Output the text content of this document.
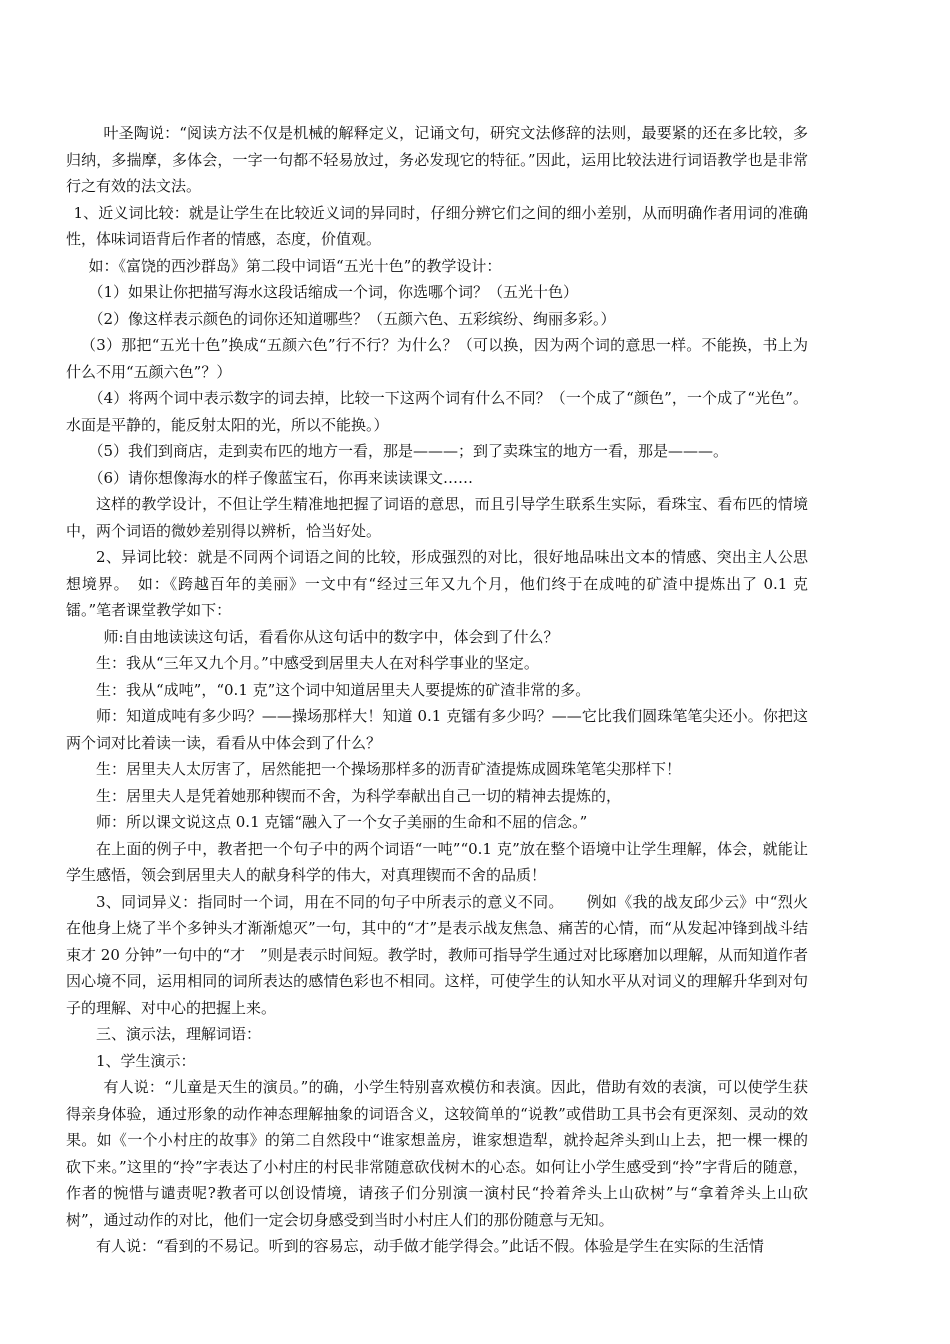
叶圣陶说：“阅读方法不仅是机械的解释定义，记诵文句，研究文法修辞的法则，最要紧的还在多比较，多归纳，多揣摩，多体会，一字一句都不轻易放过，务必发现它的特征。”因此，运用比较法进行词语教学也是非常行之有效的法文法。

1、近义词比较：就是让学生在比较近义词的异同时，仔细分辨它们之间的细小差别，从而明确作者用词的准确性，体味词语背后作者的情感，态度，价值观。

如：《富饶的西沙群岛》第二段中词语“五光十色”的教学设计：

（1）如果让你把描写海水这段话缩成一个词，你选哪个词？（五光十色）

（2）像这样表示颜色的词你还知道哪些？（五颜六色、五彩缤纷、绚丽多彩。）

（3）那把“五光十色”换成“五颜六色”行不行？为什么？（可以换，因为两个词的意思一样。不能换，书上为什么不用“五颜六色”？）

（4）将两个词中表示数字的词去掉，比较一下这两个词有什么不同？（一个成了“颜色”，一个成了“光色”。水面是平静的，能反射太阳的光，所以不能换。）

（5）我们到商店，走到卖布匹的地方一看，那是———；到了卖珠宝的地方一看，那是———。

（6）请你想像海水的样子像蓝宝石，你再来读读课文……

这样的教学设计，不但让学生精准地把握了词语的意思，而且引导学生联系生实际，看珠宝、看布匹的情境中，两个词语的微妙差别得以辨析，恰当好处。

2、异词比较：就是不同两个词语之间的比较，形成强烈的对比，很好地品味出文本的情感、突出主人公思想境界。　如：《跨越百年的美丽》一文中有“经过三年又九个月，他们终于在成吨的矿渣中提炼出了 0.1 克镭。”笔者课堂教学如下：

师:自由地读读这句话，看看你从这句话中的数字中，体会到了什么？

生：我从“三年又九个月。”中感受到居里夫人在对科学事业的坚定。

生：我从“成吨”，“0.1 克”这个词中知道居里夫人要提炼的矿渣非常的多。

师：知道成吨有多少吗？——操场那样大！知道 0.1 克镭有多少吗？——它比我们圆珠笔笔尖还小。你把这两个词对比着读一读，看看从中体会到了什么？

生：居里夫人太厉害了，居然能把一个操场那样多的沥青矿渣提炼成圆珠笔笔尖那样下！

生：居里夫人是凭着她那种锲而不舍，为科学奉献出自己一切的精神去提炼的，

师：所以课文说这点 0.1 克镭“融入了一个女子美丽的生命和不屈的信念。”

在上面的例子中，教者把一个句子中的两个词语“一吨”“0.1 克”放在整个语境中让学生理解，体会，就能让学生感悟，领会到居里夫人的献身科学的伟大，对真理锲而不舍的品质！

3、同词异义：指同时一个词，用在不同的句子中所表示的意义不同。　　例如《我的战友邱少云》中“烈火在他身上烧了半个多钟头才渐渐熄灭”一句，其中的“才”是表示战友焦急、痛苦的心情，而“从发起冲锋到战斗结束才 20 分钟”一句中的“才　”则是表示时间短。教学时，教师可指导学生通过对比琢磨加以理解，从而知道作者因心境不同，运用相同的词所表达的感情色彩也不相同。这样，可使学生的认知水平从对词义的理解升华到对句子的理解、对中心的把握上来。

三、演示法，理解词语：

1、学生演示：

有人说：“儿童是天生的演员。”的确，小学生特别喜欢模仿和表演。因此，借助有效的表演，可以使学生获得亲身体验，通过形象的动作神态理解抽象的词语含义，这较简单的“说教”或借助工具书会有更深刻、灵动的效果。如《一个小村庄的故事》的第二自然段中“谁家想盖房，谁家想造犁，就拎起斧头到山上去，把一棵一棵的砍下来。”这里的“拎”字表达了小村庄的村民非常随意砍伐树木的心态。如何让小学生感受到“拎”字背后的随意，作者的惋惜与谴责呢?教者可以创设情境，请孩子们分别演一演村民“拎着斧头上山砍树”与“拿着斧头上山砍树”，通过动作的对比，他们一定会切身感受到当时小村庄人们的那份随意与无知。

有人说：“看到的不易记。听到的容易忘，动手做才能学得会。”此话不假。体验是学生在实际的生活情
